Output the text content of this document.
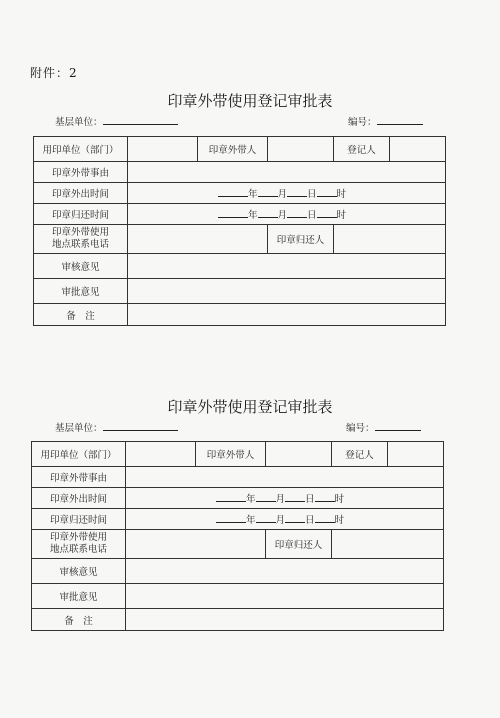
附件：2
印章外带使用登记审批表
基层单位：	编号：
用印单位（部门）		印章外带人		登记人	
印章外带事由					
印章外出时间	年 月 日 时				
印章归还时间	年 月 日 时				
印章外带使用
地点联系电话			印章归还人		
审核意见					
审批意见					
备　注					
印章外带使用登记审批表
基层单位：	编号：
用印单位（部门）		印章外带人		登记人	
印章外带事由					
印章外出时间	年 月 日 时				
印章归还时间	年 月 日 时				
印章外带使用
地点联系电话			印章归还人		
审核意见					
审批意见					
备　注					
